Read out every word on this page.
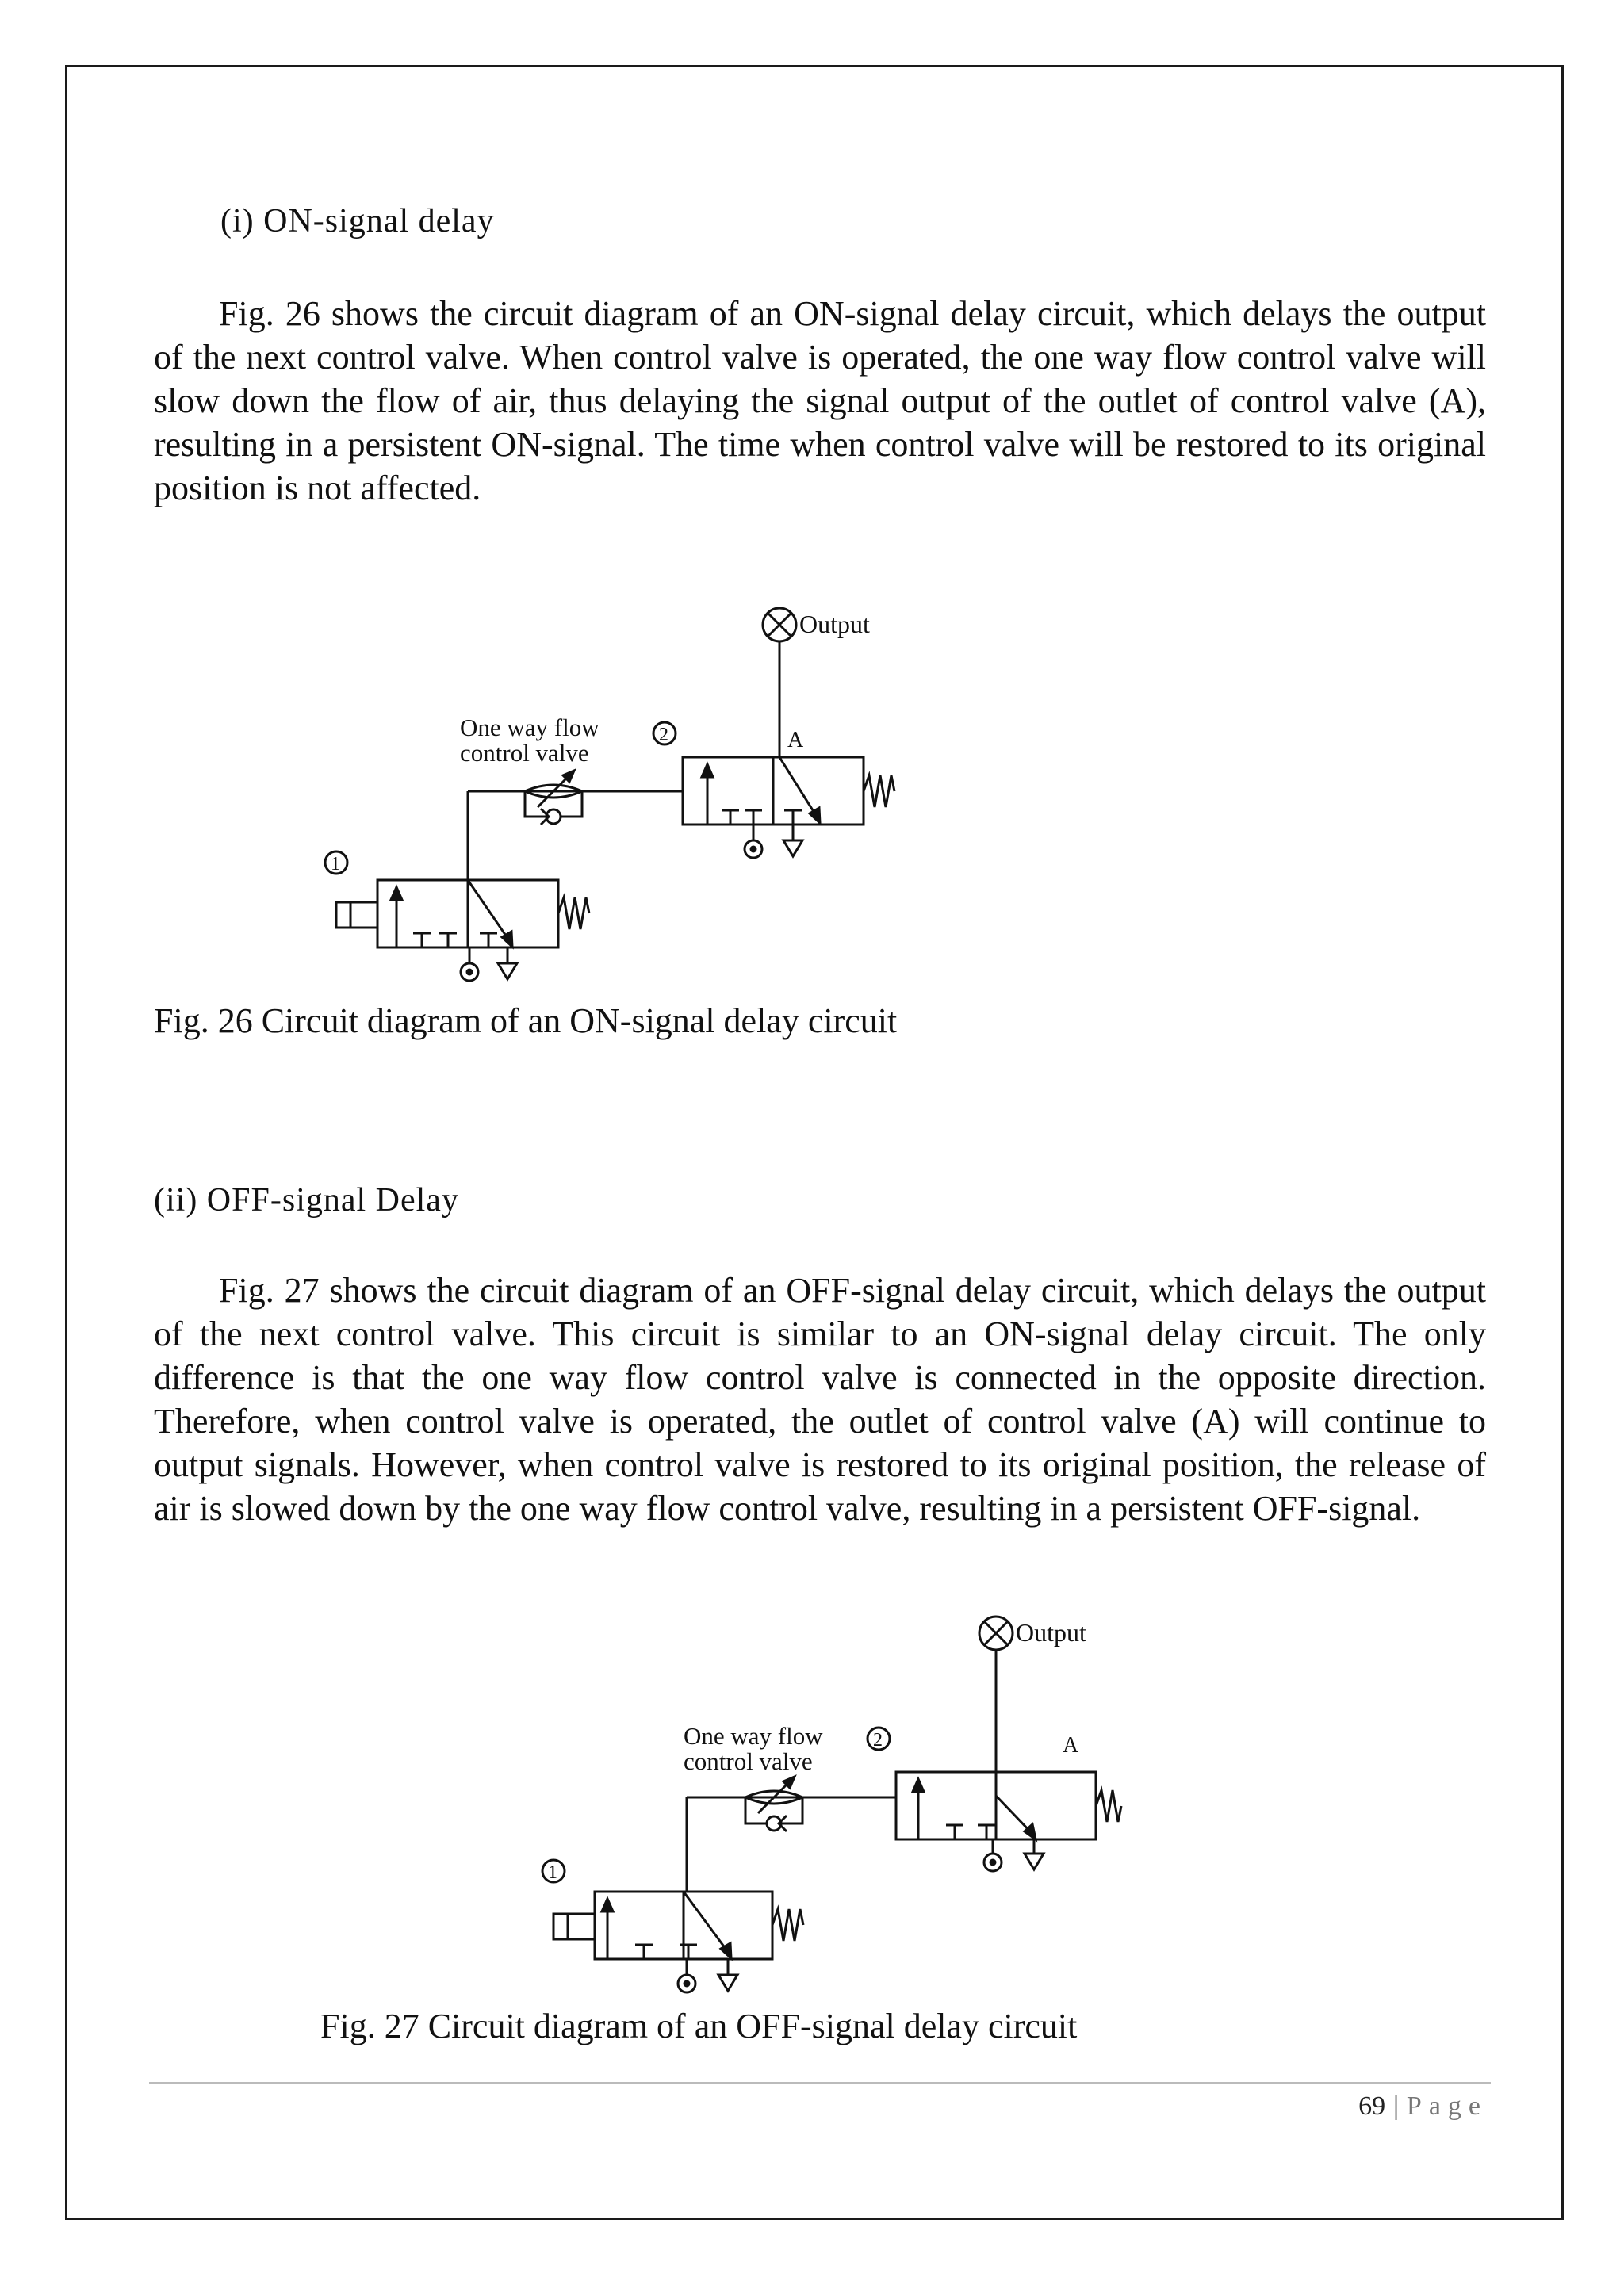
(i) ON-signal delay
Fig. 26 shows the circuit diagram of an ON-signal delay circuit, which delays the output of the next control valve. When control valve is operated, the one way flow control valve will slow down the flow of air, thus delaying the signal output of the outlet of control valve (A), resulting in a persistent ON-signal. The time when control valve will be restored to its original position is not affected.
Output
A
2
One way flow
control valve
1
Fig. 26 Circuit diagram of an ON-signal delay circuit
(ii) OFF-signal Delay
Fig. 27 shows the circuit diagram of an OFF-signal delay circuit, which delays the output of the next control valve. This circuit is similar to an ON-signal delay circuit. The only difference is that the one way flow control valve is connected in the opposite direction. Therefore, when control valve is operated, the outlet of control valve (A) will continue to output signals. However, when control valve is restored to its original position, the release of air is slowed down by the one way flow control valve, resulting in a persistent OFF-signal.
Output
A
2
One way flow
control valve
1
Fig. 27 Circuit diagram of an OFF-signal delay circuit
69 | Page
